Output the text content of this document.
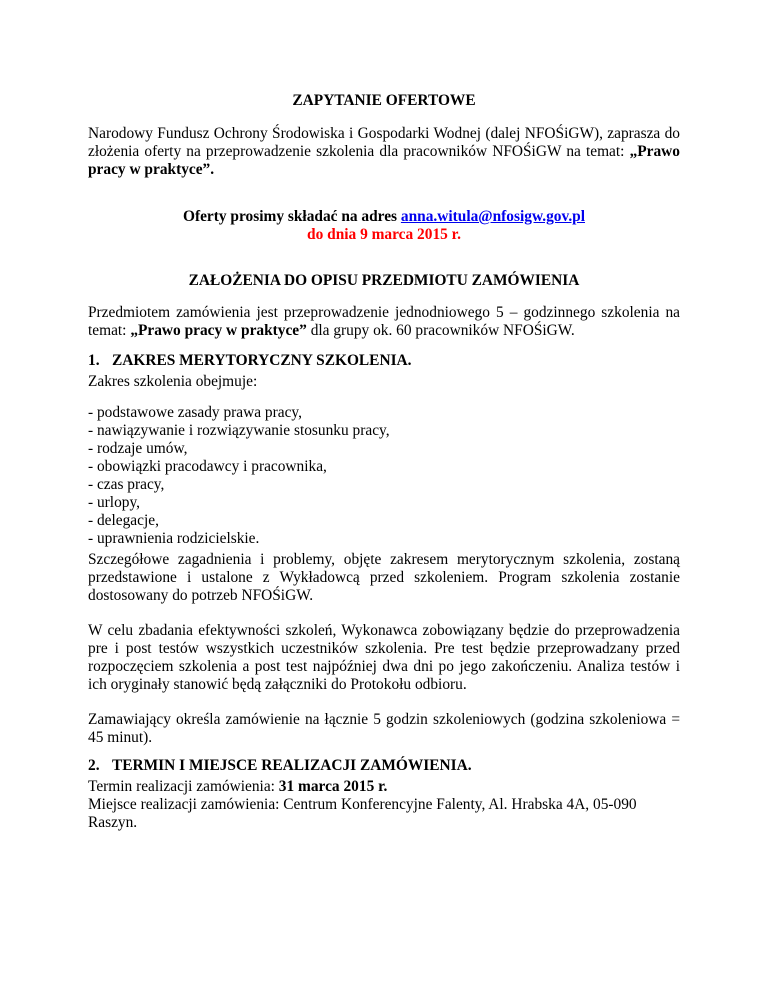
ZAPYTANIE OFERTOWE

Narodowy Fundusz Ochrony Środowiska i Gospodarki Wodnej (dalej NFOŚiGW), zaprasza do złożenia oferty na przeprowadzenie szkolenia dla pracowników NFOŚiGW na temat: „Prawo pracy w praktyce”.

Oferty prosimy składać na adres anna.witula@nfosigw.gov.pl

do dnia 9 marca 2015 r.

ZAŁOŻENIA DO OPISU PRZEDMIOTU ZAMÓWIENIA

Przedmiotem zamówienia jest przeprowadzenie jednodniowego 5 – godzinnego szkolenia na temat: „Prawo pracy w praktyce” dla grupy ok. 60 pracowników NFOŚiGW.

1. ZAKRES MERYTORYCZNY SZKOLENIA.

Zakres szkolenia obejmuje:

- podstawowe zasady prawa pracy,
- nawiązywanie i rozwiązywanie stosunku pracy,
- rodzaje umów,
- obowiązki pracodawcy i pracownika,
- czas pracy,
- urlopy,
- delegacje,
- uprawnienia rodzicielskie.

Szczegółowe zagadnienia i problemy, objęte zakresem merytorycznym szkolenia, zostaną przedstawione i ustalone z Wykładowcą przed szkoleniem. Program szkolenia zostanie dostosowany do potrzeb NFOŚiGW.

W celu zbadania efektywności szkoleń, Wykonawca zobowiązany będzie do przeprowadzenia pre i post testów wszystkich uczestników szkolenia. Pre test będzie przeprowadzany przed rozpoczęciem szkolenia a post test najpóźniej dwa dni po jego zakończeniu. Analiza testów i ich oryginały stanowić będą załączniki do Protokołu odbioru.

Zamawiający określa zamówienie na łącznie 5 godzin szkoleniowych (godzina szkoleniowa = 45 minut).

2. TERMIN I MIEJSCE REALIZACJI ZAMÓWIENIA.

Termin realizacji zamówienia: 31 marca 2015 r.

Miejsce realizacji zamówienia: Centrum Konferencyjne Falenty, Al. Hrabska 4A, 05-090 Raszyn.
